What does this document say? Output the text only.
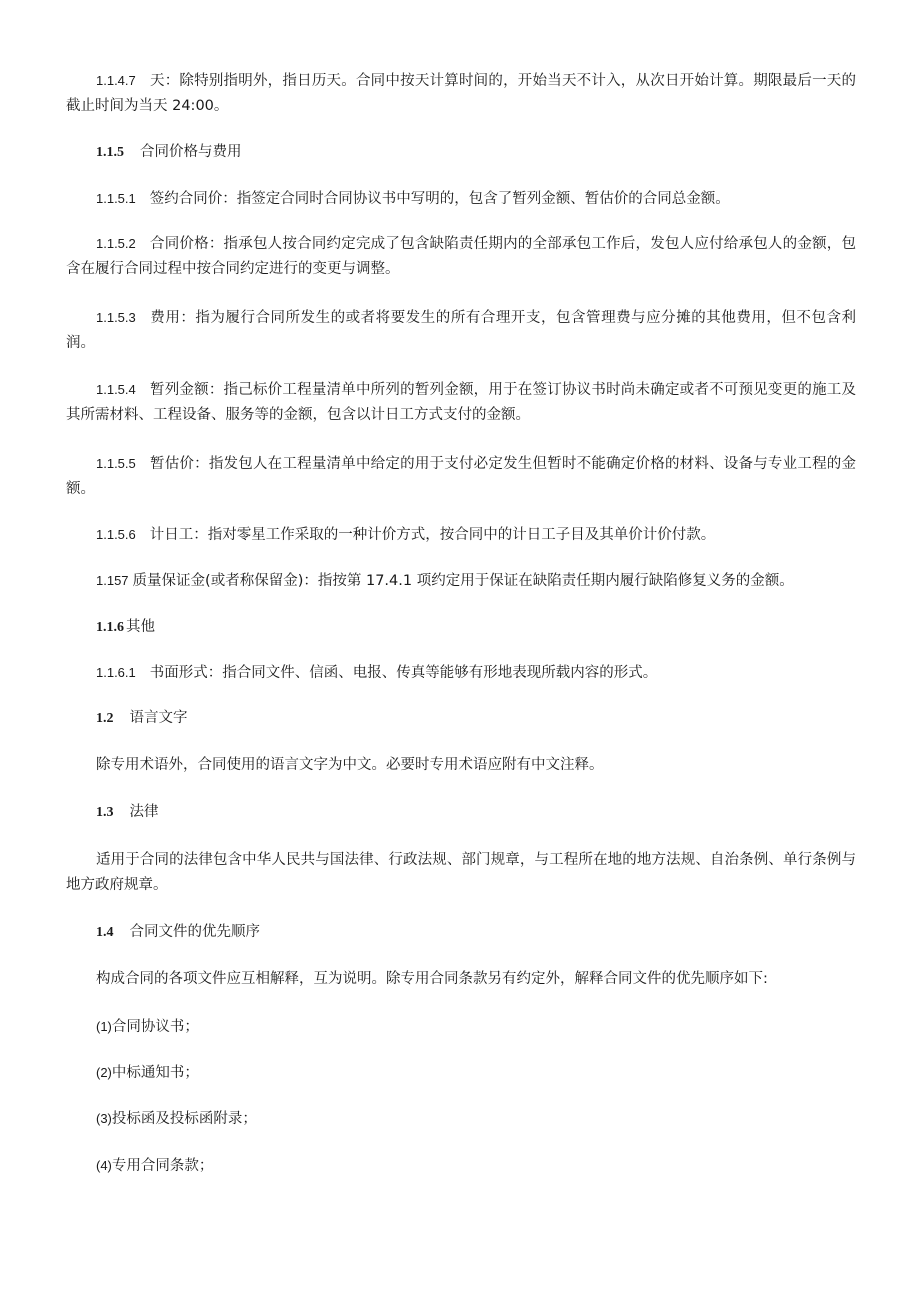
1.1.4.7 天：除特别指明外，指日历天。合同中按天计算时间的，开始当天不计入，从次日开始计算。期限最后一天的截止时间为当天 24:00。

1.1.5 合同价格与费用

1.1.5.1 签约合同价：指签定合同时合同协议书中写明的，包含了暂列金额、暂估价的合同总金额。

1.1.5.2 合同价格：指承包人按合同约定完成了包含缺陷责任期内的全部承包工作后，发包人应付给承包人的金额，包含在履行合同过程中按合同约定进行的变更与调整。

1.1.5.3 费用：指为履行合同所发生的或者将要发生的所有合理开支，包含管理费与应分摊的其他费用，但不包含利润。

1.1.5.4 暂列金额：指己标价工程量清单中所列的暂列金额，用于在签订协议书时尚未确定或者不可预见变更的施工及其所需材料、工程设备、服务等的金额，包含以计日工方式支付的金额。

1.1.5.5 暂估价：指发包人在工程量清单中给定的用于支付必定发生但暂时不能确定价格的材料、设备与专业工程的金额。

1.1.5.6 计日工：指对零星工作采取的一种计价方式，按合同中的计日工子目及其单价计价付款。

1.157 质量保证金(或者称保留金)：指按第 17.4.1 项约定用于保证在缺陷责任期内履行缺陷修复义务的金额。

1.1.6 其他

1.1.6.1 书面形式：指合同文件、信函、电报、传真等能够有形地表现所载内容的形式。

1.2 语言文字

除专用术语外，合同使用的语言文字为中文。必要时专用术语应附有中文注释。

1.3 法律

适用于合同的法律包含中华人民共与国法律、行政法规、部门规章，与工程所在地的地方法规、自治条例、单行条例与地方政府规章。

1.4 合同文件的优先顺序

构成合同的各项文件应互相解释，互为说明。除专用合同条款另有约定外，解释合同文件的优先顺序如下:

(1)合同协议书；

(2)中标通知书；

(3)投标函及投标函附录；

(4)专用合同条款；
